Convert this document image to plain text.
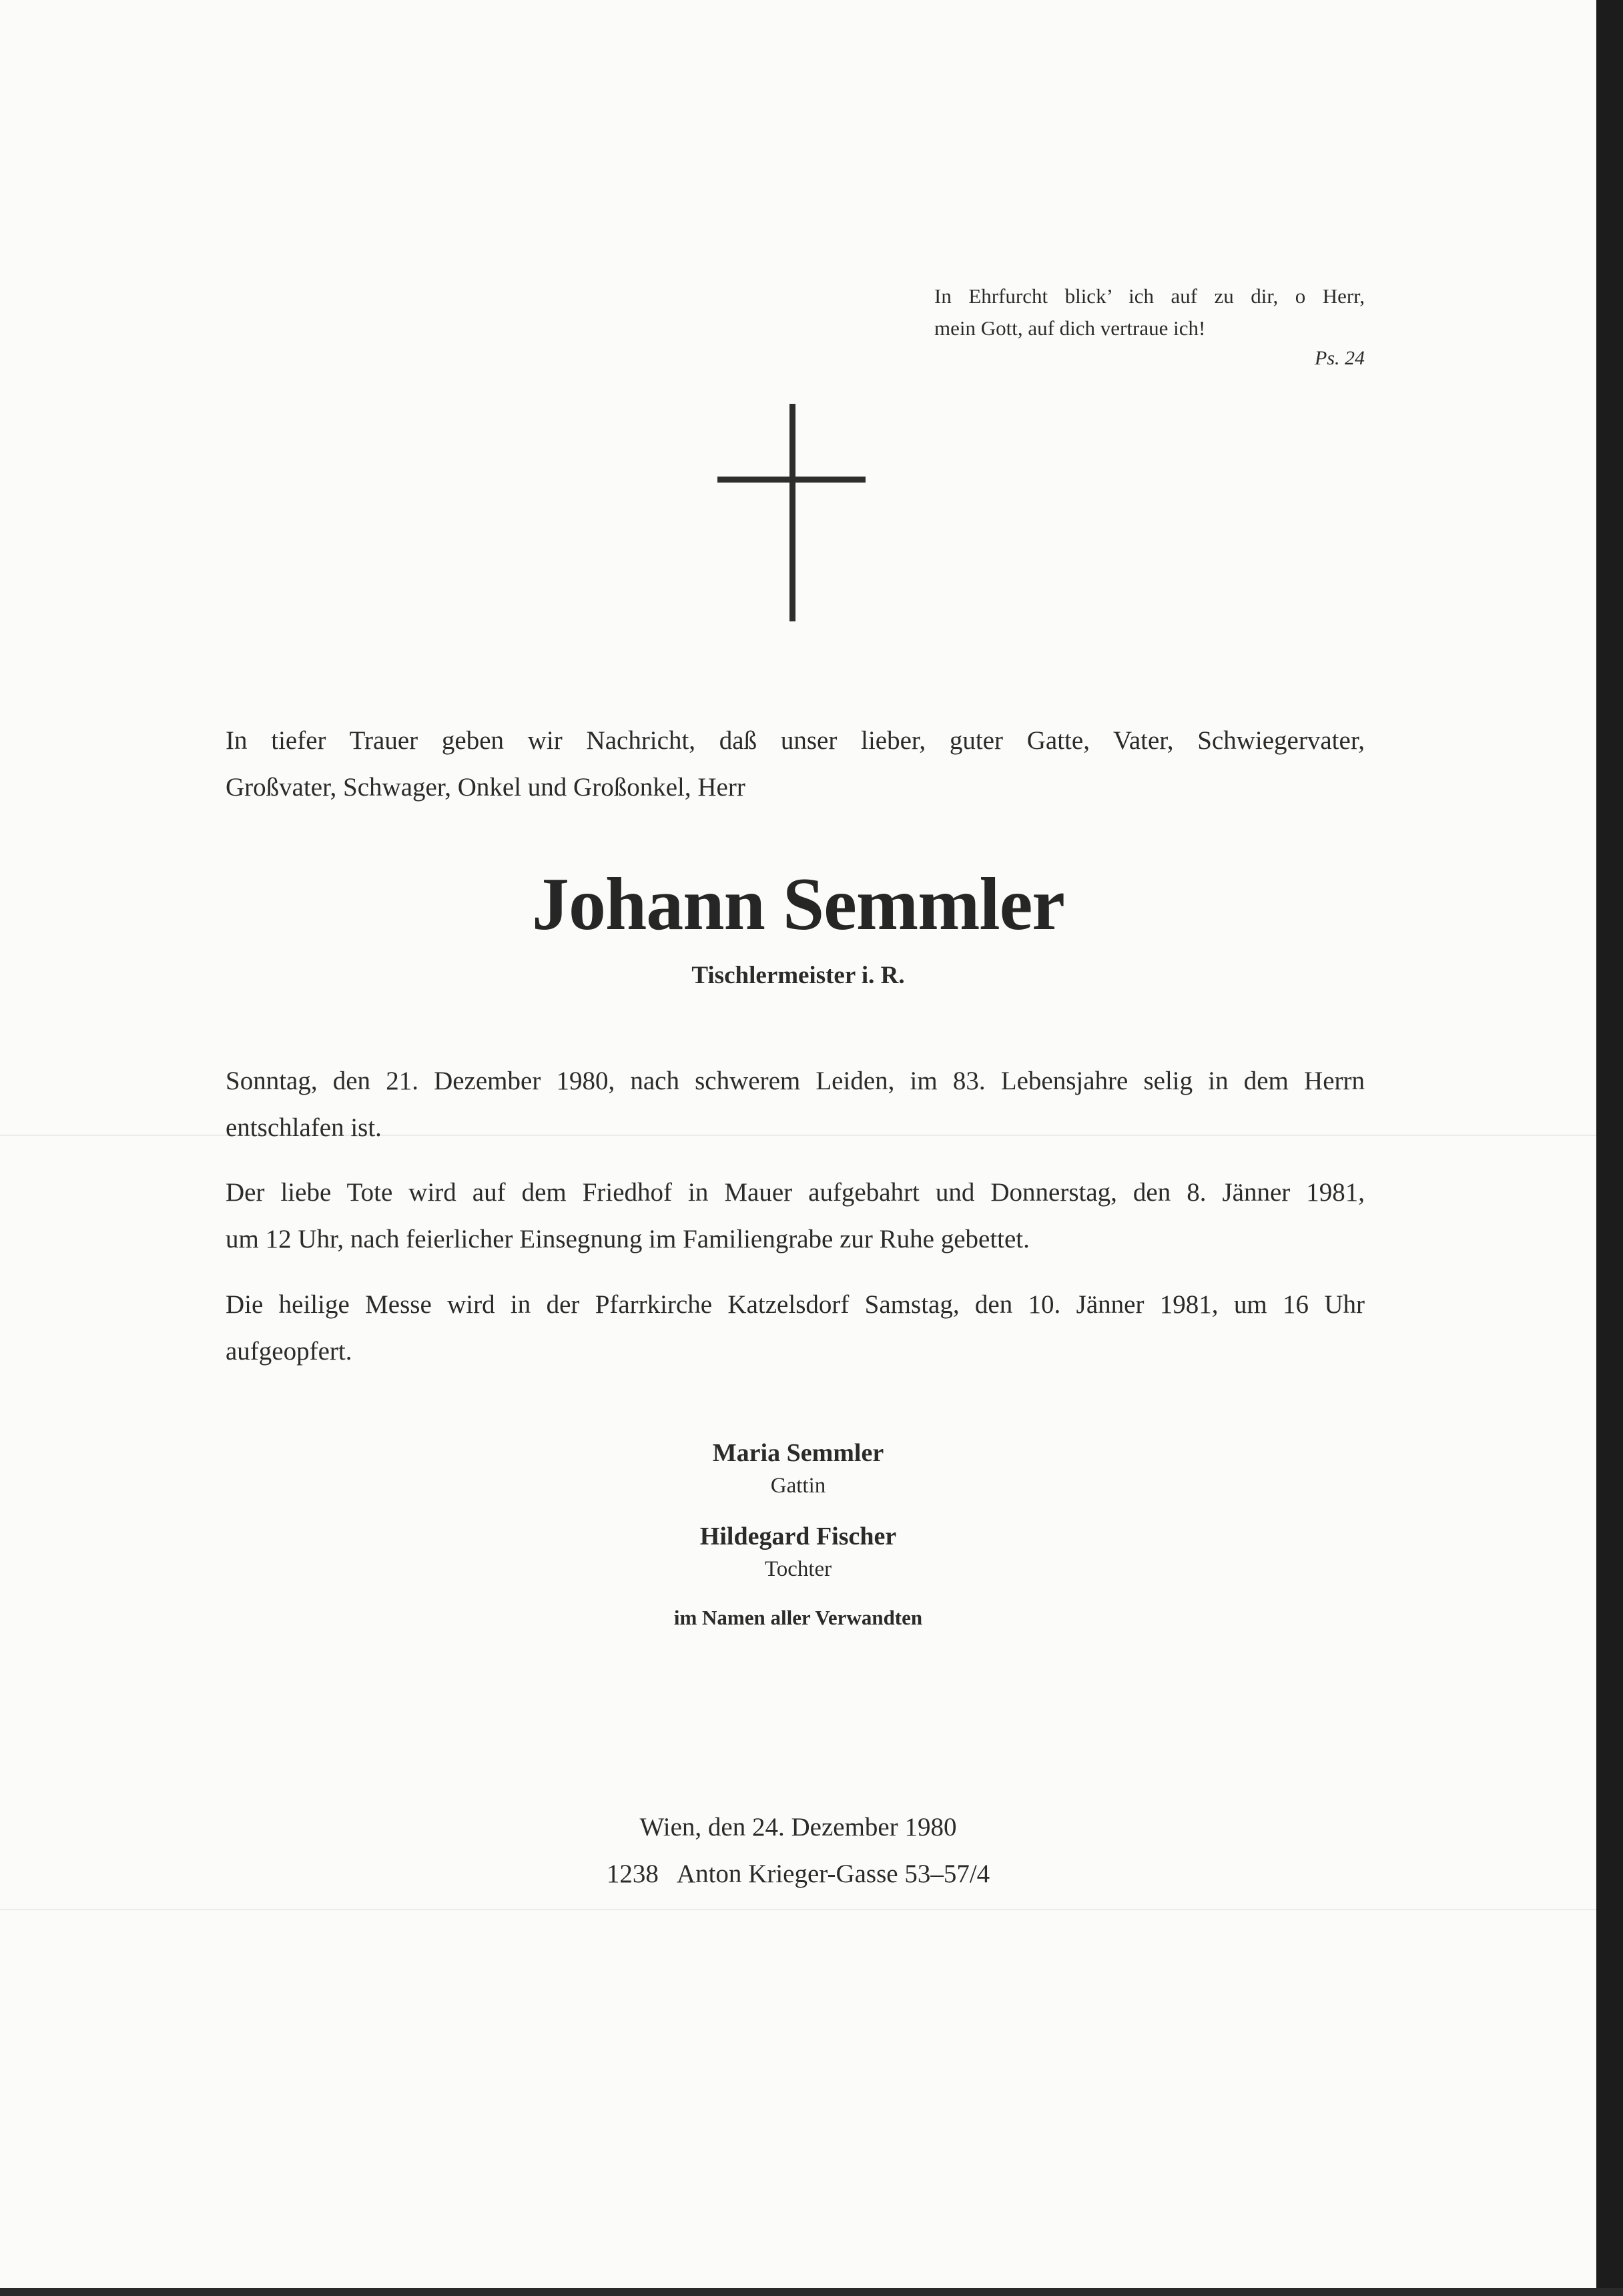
In Ehrfurcht blick’ ich auf zu dir, o Herr,
mein Gott, auf dich vertraue ich!
Ps. 24
In tiefer Trauer geben wir Nachricht, daß unser lieber, guter Gatte, Vater, Schwiegervater,
Großvater, Schwager, Onkel und Großonkel, Herr
Johann Semmler
Tischlermeister i. R.
Sonntag, den 21. Dezember 1980, nach schwerem Leiden, im 83. Lebensjahre selig in dem Herrn
entschlafen ist.
Der liebe Tote wird auf dem Friedhof in Mauer aufgebahrt und Donnerstag, den 8. Jänner 1981,
um 12 Uhr, nach feierlicher Einsegnung im Familiengrabe zur Ruhe gebettet.
Die heilige Messe wird in der Pfarrkirche Katzelsdorf Samstag, den 10. Jänner 1981, um 16 Uhr
aufgeopfert.
Maria Semmler
Gattin
Hildegard Fischer
Tochter
im Namen aller Verwandten
Wien, den 24. Dezember 1980
1238   Anton Krieger-Gasse 53–57/4
